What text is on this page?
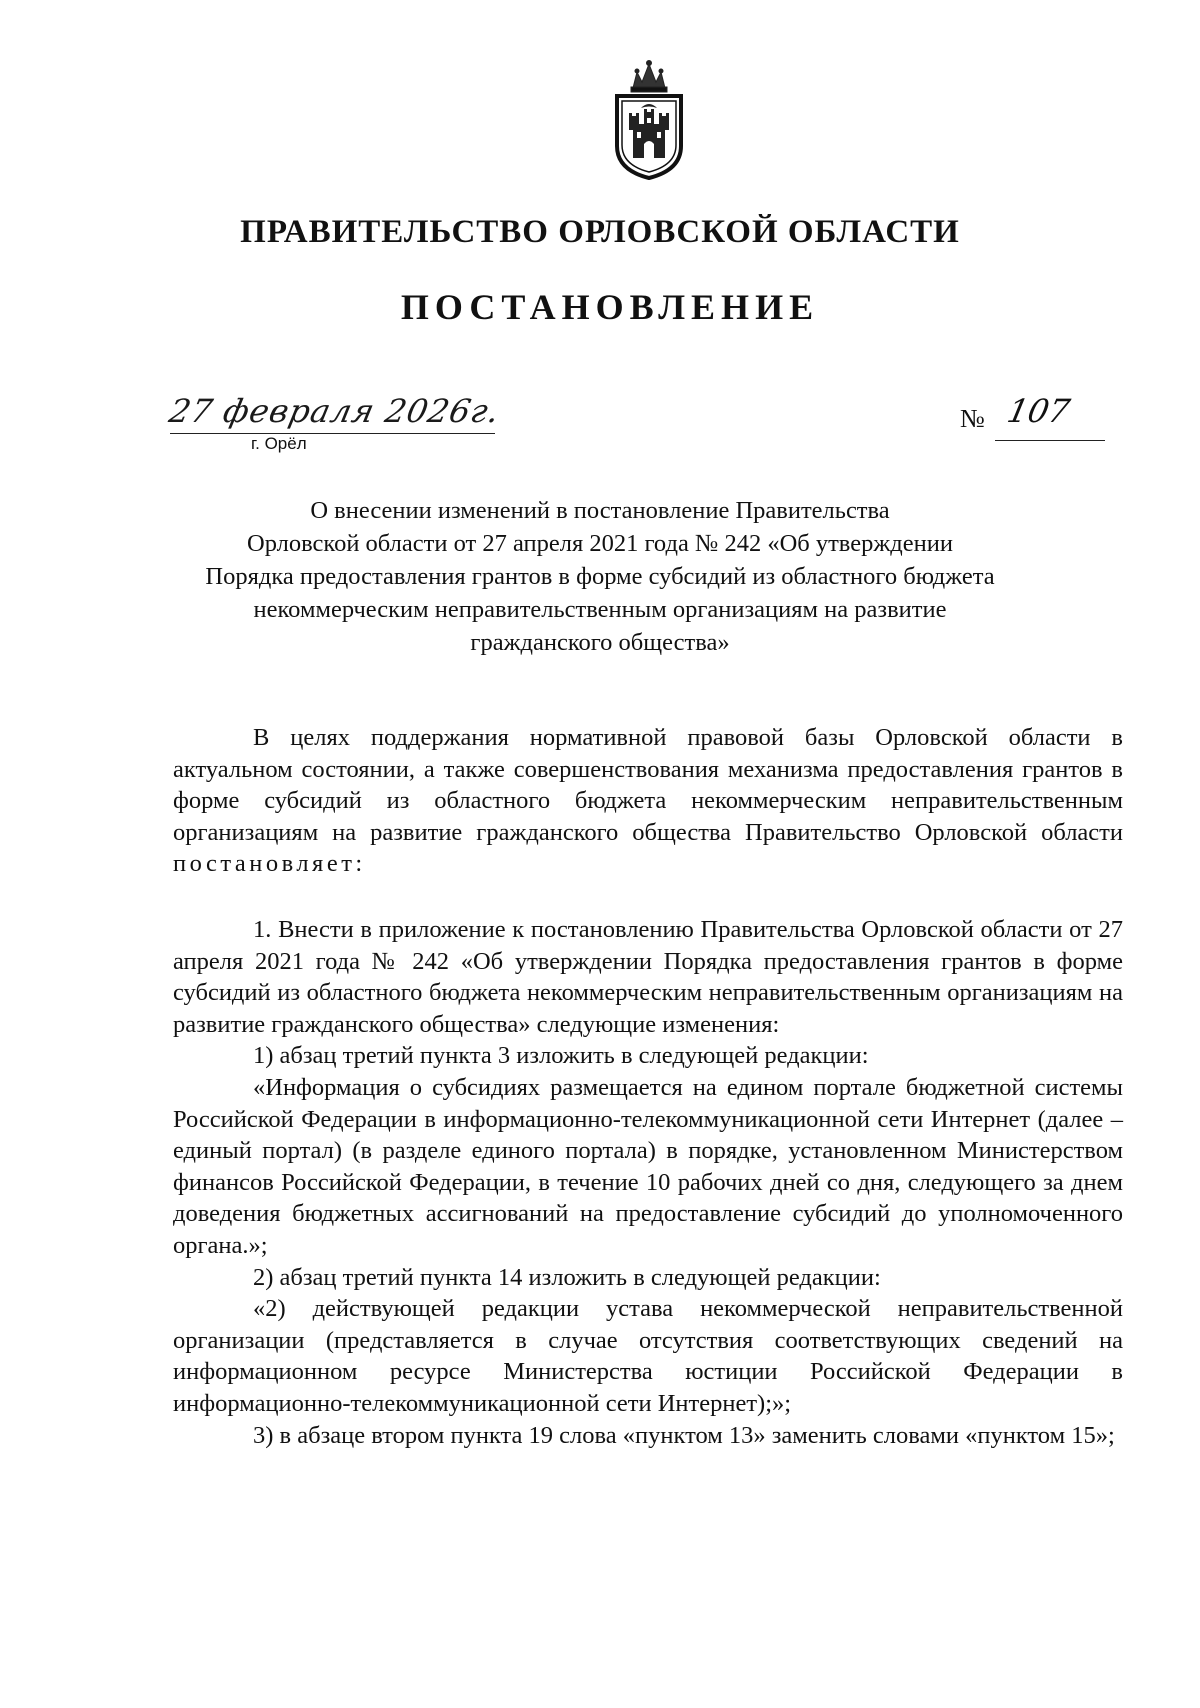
ПРАВИТЕЛЬСТВО ОРЛОВСКОЙ ОБЛАСТИ
ПОСТАНОВЛЕНИЕ
27 февраля 2026г.
г. Орёл
№ 107
О внесении изменений в постановление Правительства
Орловской области от 27 апреля 2021 года № 242 «Об утверждении
Порядка предоставления грантов в форме субсидий из областного бюджета
некоммерческим неправительственным организациям на развитие
гражданского общества»

В целях поддержания нормативной правовой базы Орловской области в актуальном состоянии, а также совершенствования механизма предоставления грантов в форме субсидий из областного бюджета некоммерческим неправительственным организациям на развитие гражданского общества Правительство Орловской области постановляет:

1. Внести в приложение к постановлению Правительства Орловской области от 27 апреля 2021 года № 242 «Об утверждении Порядка предоставления грантов в форме субсидий из областного бюджета некоммерческим неправительственным организациям на развитие гражданского общества» следующие изменения:

1) абзац третий пункта 3 изложить в следующей редакции:

«Информация о субсидиях размещается на едином портале бюджетной системы Российской Федерации в информационно-телекоммуникационной сети Интернет (далее – единый портал) (в разделе единого портала) в порядке, установленном Министерством финансов Российской Федерации, в течение 10 рабочих дней со дня, следующего за днем доведения бюджетных ассигнований на предоставление субсидий до уполномоченного органа.»;

2) абзац третий пункта 14 изложить в следующей редакции:

«2) действующей редакции устава некоммерческой неправительственной организации (представляется в случае отсутствия соответствующих сведений на информационном ресурсе Министерства юстиции Российской Федерации в информационно-телекоммуникационной сети Интернет);»;

3) в абзаце втором пункта 19 слова «пунктом 13» заменить словами «пунктом 15»;
